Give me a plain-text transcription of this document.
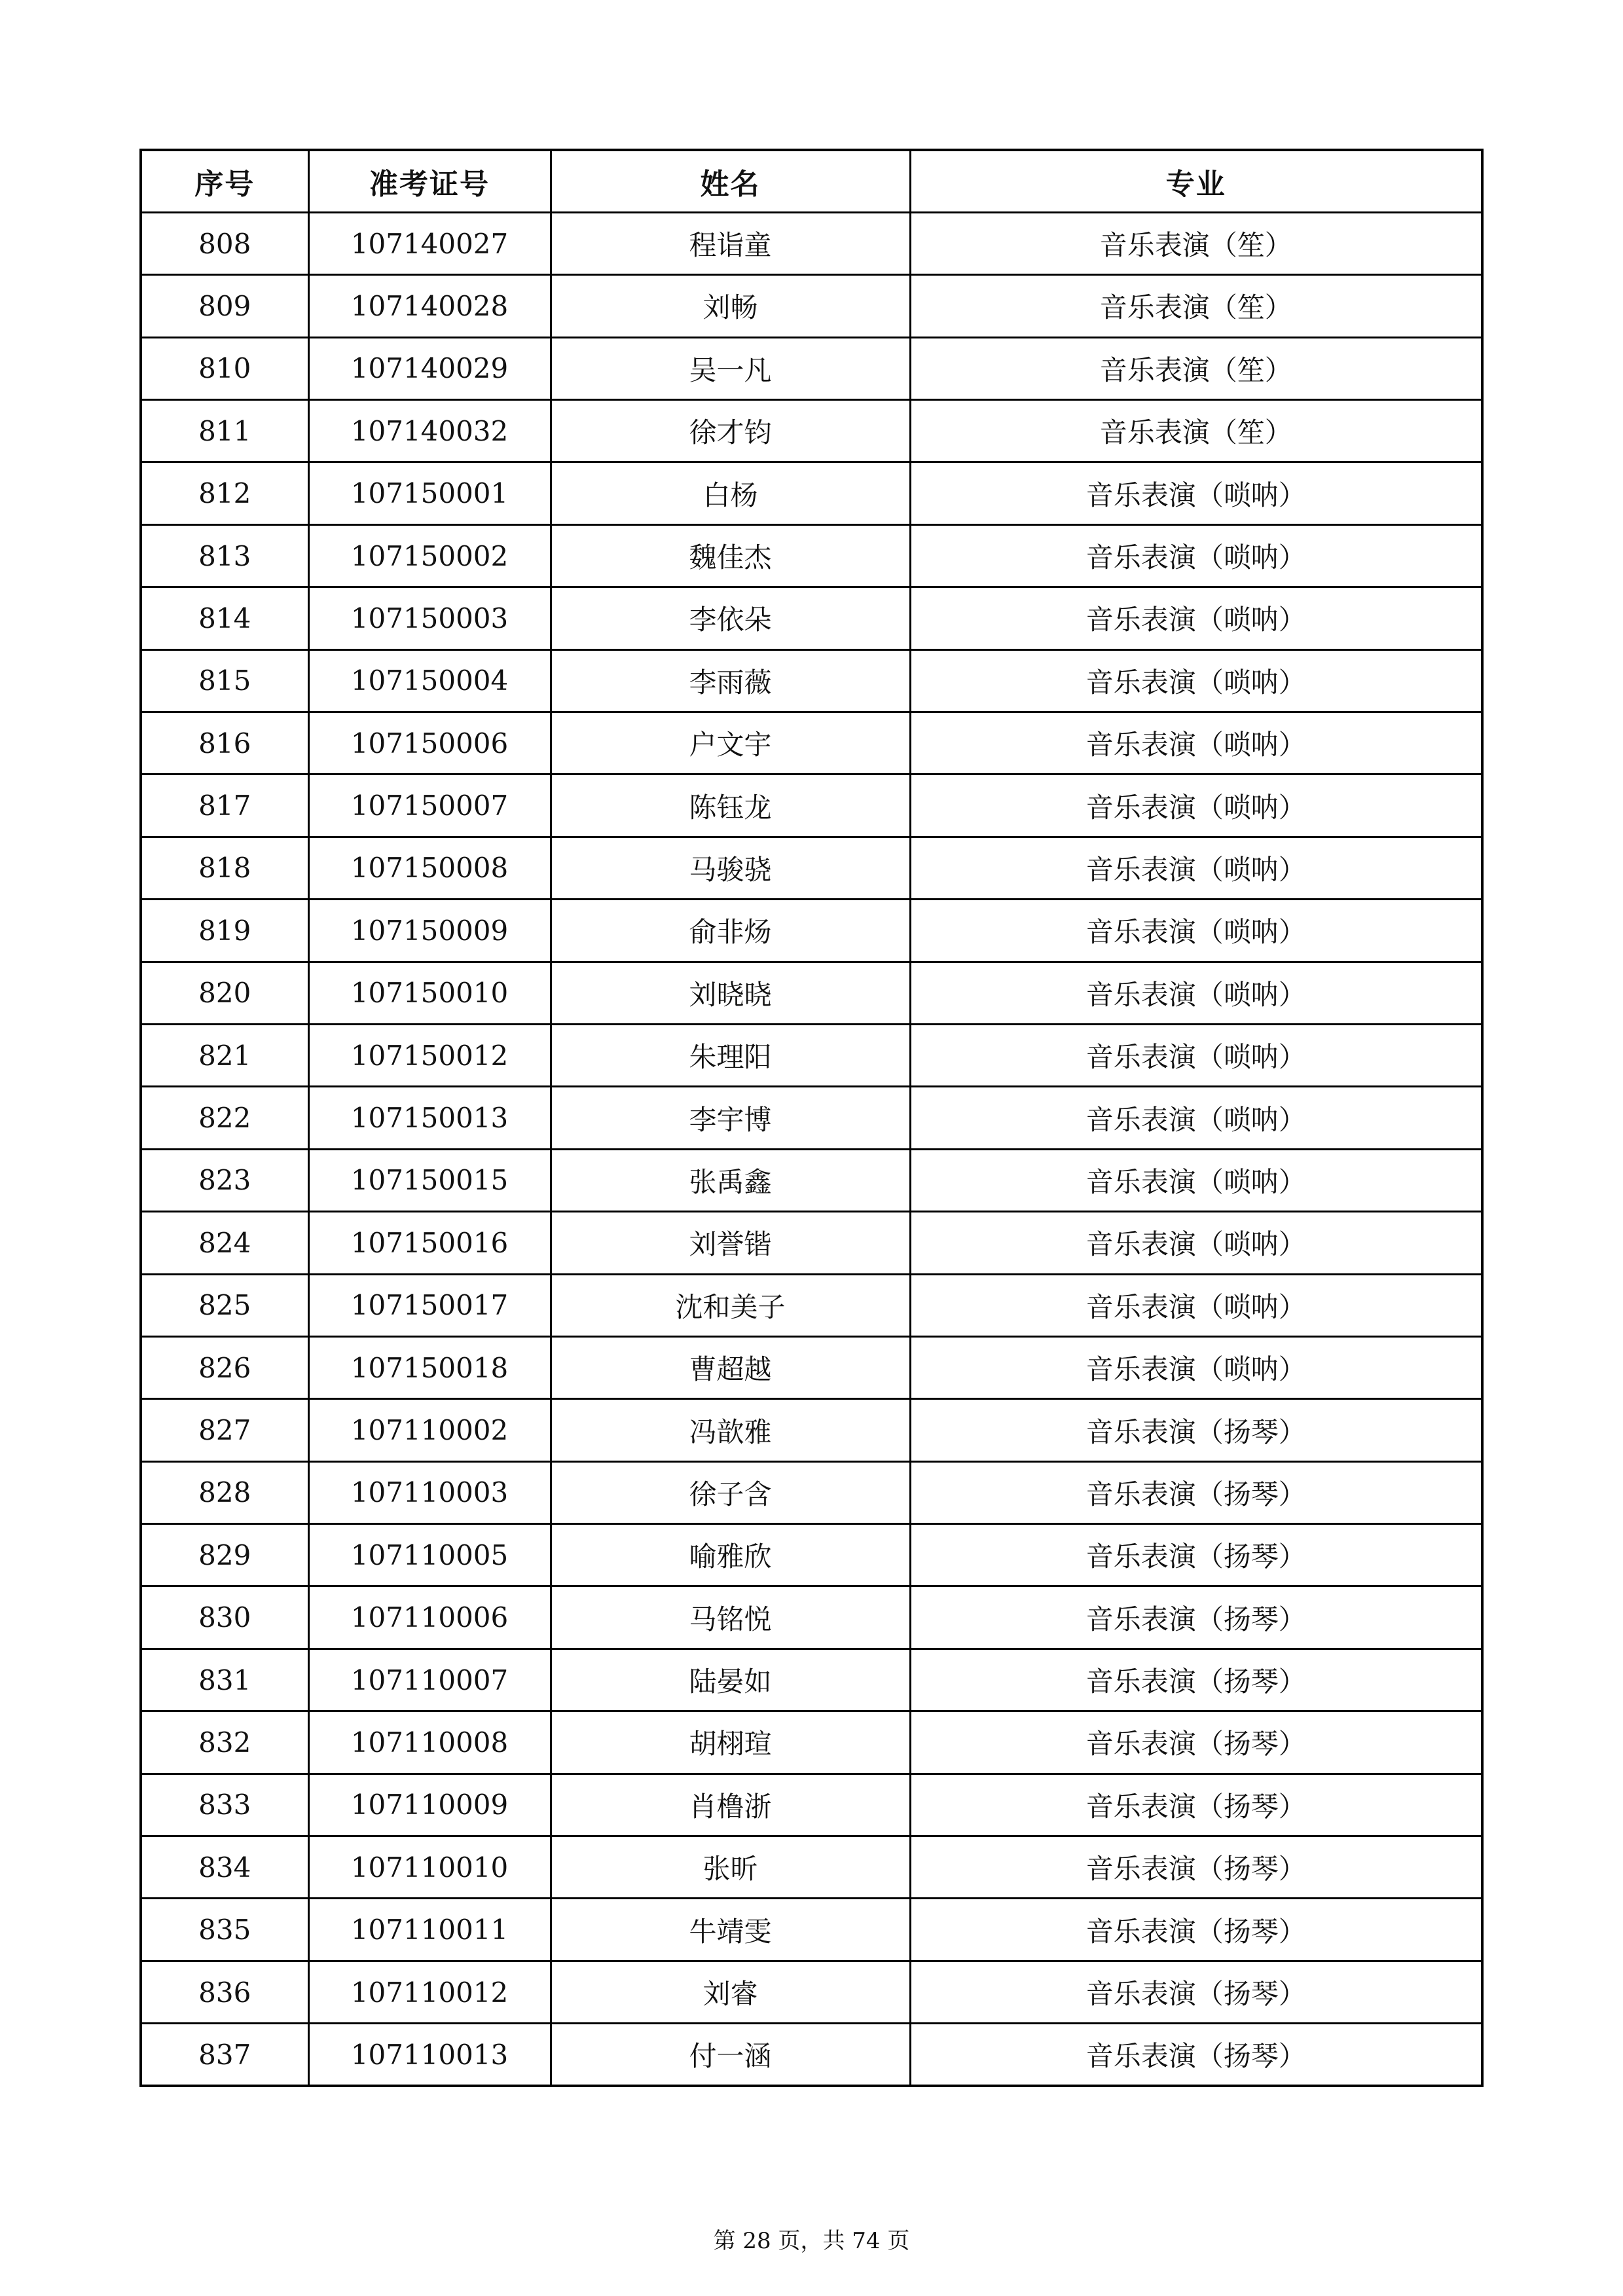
序号	准考证号	姓名	专业
808	107140027	程诣童	音乐表演（笙）
809	107140028	刘畅	音乐表演（笙）
810	107140029	吴一凡	音乐表演（笙）
811	107140032	徐才钧	音乐表演（笙）
812	107150001	白杨	音乐表演（唢呐）
813	107150002	魏佳杰	音乐表演（唢呐）
814	107150003	李依朵	音乐表演（唢呐）
815	107150004	李雨薇	音乐表演（唢呐）
816	107150006	户文宇	音乐表演（唢呐）
817	107150007	陈钰龙	音乐表演（唢呐）
818	107150008	马骏骁	音乐表演（唢呐）
819	107150009	俞非炀	音乐表演（唢呐）
820	107150010	刘晓晓	音乐表演（唢呐）
821	107150012	朱理阳	音乐表演（唢呐）
822	107150013	李宇博	音乐表演（唢呐）
823	107150015	张禹鑫	音乐表演（唢呐）
824	107150016	刘誉锴	音乐表演（唢呐）
825	107150017	沈和美子	音乐表演（唢呐）
826	107150018	曹超越	音乐表演（唢呐）
827	107110002	冯歆雅	音乐表演（扬琴）
828	107110003	徐子含	音乐表演（扬琴）
829	107110005	喻雅欣	音乐表演（扬琴）
830	107110006	马铭悦	音乐表演（扬琴）
831	107110007	陆晏如	音乐表演（扬琴）
832	107110008	胡栩瑄	音乐表演（扬琴）
833	107110009	肖橹浙	音乐表演（扬琴）
834	107110010	张昕	音乐表演（扬琴）
835	107110011	牛靖雯	音乐表演（扬琴）
836	107110012	刘睿	音乐表演（扬琴）
837	107110013	付一涵	音乐表演（扬琴）
第 28 页，共 74 页
